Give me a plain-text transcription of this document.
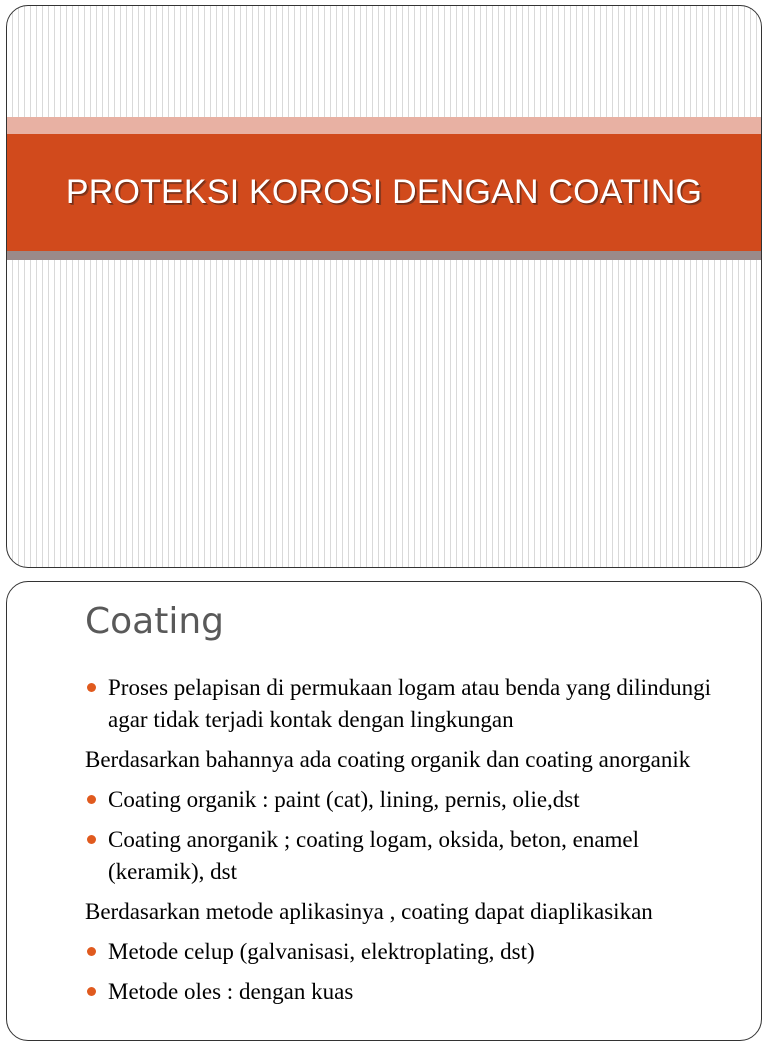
PROTEKSI KOROSI DENGAN COATING
Coating
Proses pelapisan di permukaan logam atau benda yang dilindungi agar tidak terjadi kontak dengan lingkungan
Berdasarkan bahannya ada coating organik dan coating anorganik
Coating organik : paint (cat), lining, pernis, olie,dst
Coating anorganik ; coating logam, oksida, beton, enamel (keramik), dst
Berdasarkan metode aplikasinya , coating dapat diaplikasikan
Metode celup (galvanisasi, elektroplating, dst)
Metode oles : dengan kuas
